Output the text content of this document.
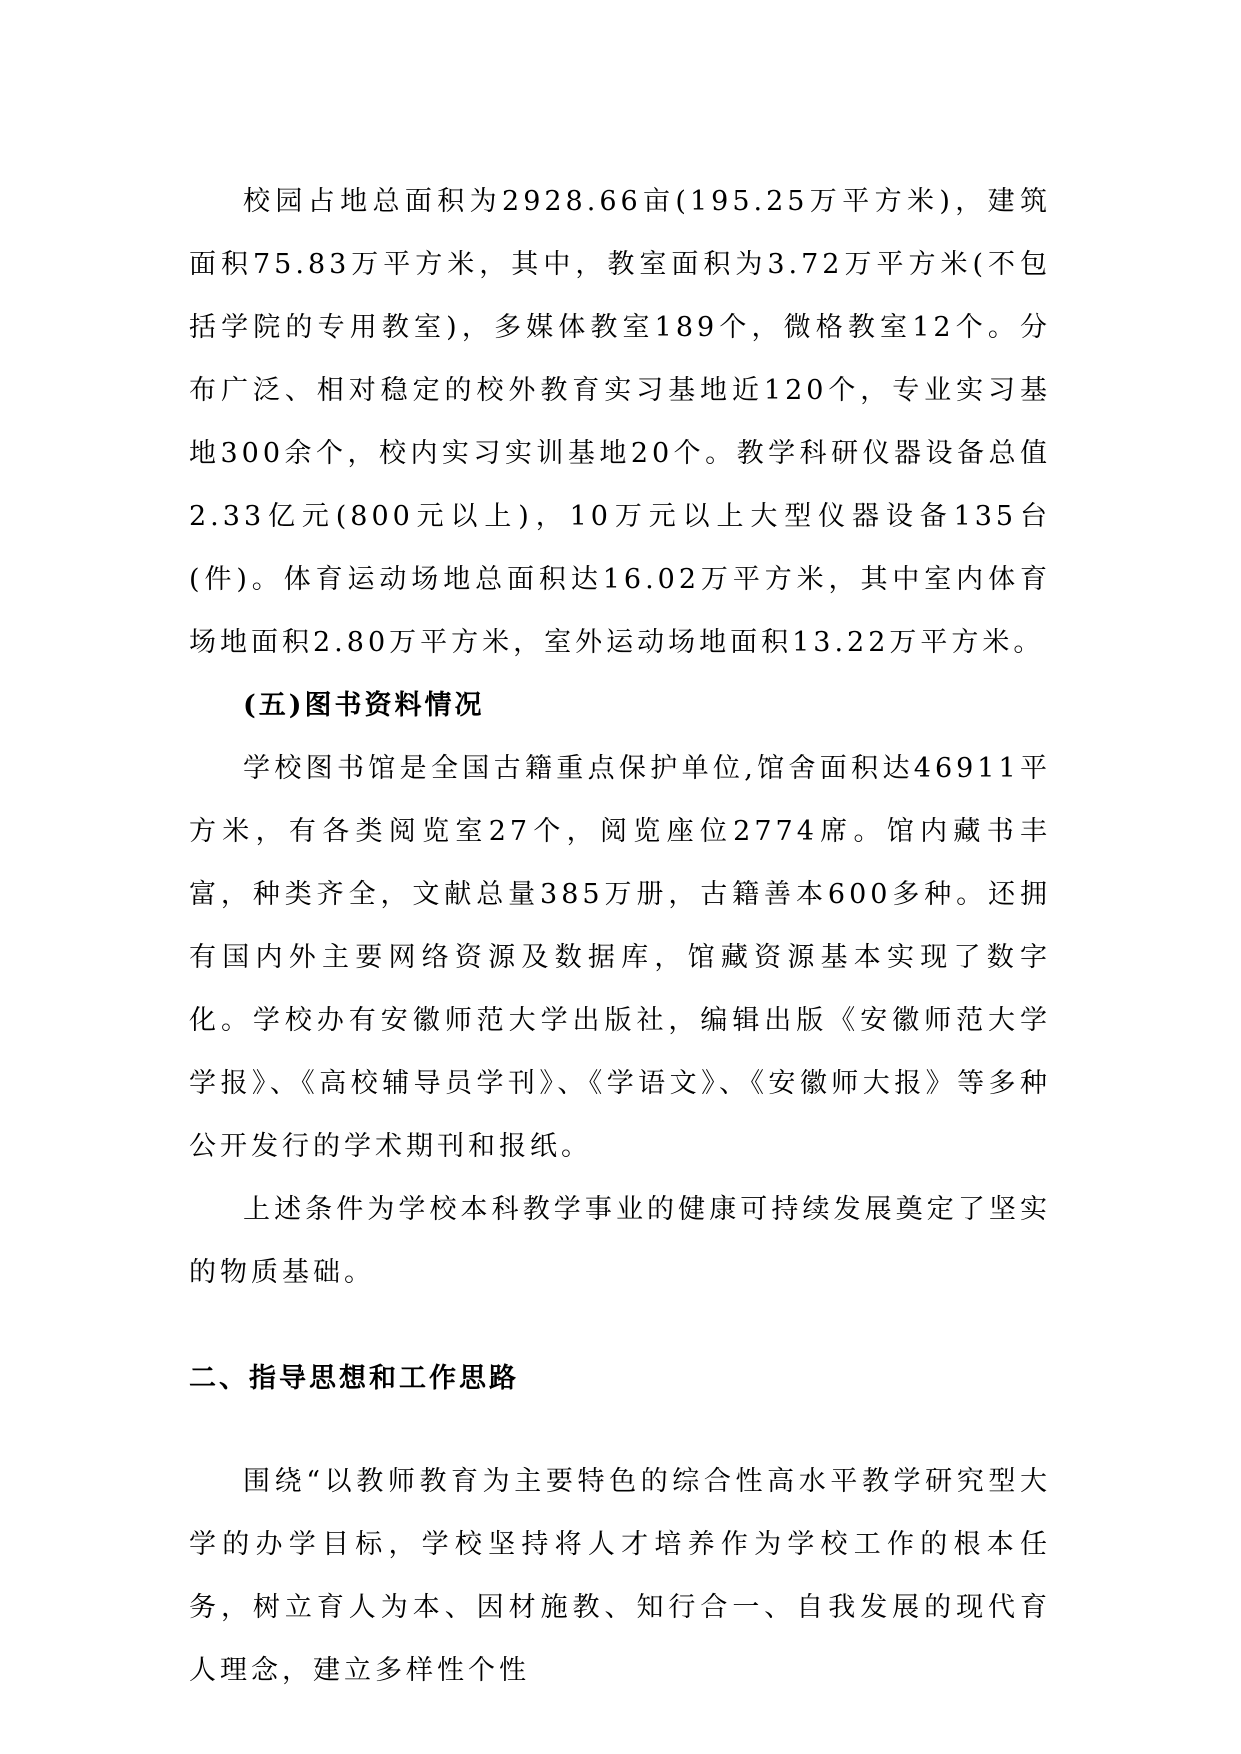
校园占地总面积为2928.66亩(195.25万平方米)，建筑面积75.83万平方米，其中，教室面积为3.72万平方米(不包括学院的专用教室)，多媒体教室189个，微格教室12个。分布广泛、相对稳定的校外教育实习基地近120个，专业实习基地300余个，校内实习实训基地20个。教学科研仪器设备总值2.33亿元(800元以上)，10万元以上大型仪器设备135台(件)。体育运动场地总面积达16.02万平方米，其中室内体育场地面积2.80万平方米，室外运动场地面积13.22万平方米。

(五)图书资料情况

学校图书馆是全国古籍重点保护单位,馆舍面积达46911平方米，有各类阅览室27个，阅览座位2774席。馆内藏书丰富，种类齐全，文献总量385万册，古籍善本600多种。还拥有国内外主要网络资源及数据库，馆藏资源基本实现了数字化。学校办有安徽师范大学出版社，编辑出版《安徽师范大学学报》、《高校辅导员学刊》、《学语文》、《安徽师大报》等多种公开发行的学术期刊和报纸。

上述条件为学校本科教学事业的健康可持续发展奠定了坚实的物质基础。

二、指导思想和工作思路

围绕“以教师教育为主要特色的综合性高水平教学研究型大学的办学目标，学校坚持将人才培养作为学校工作的根本任务，树立育人为本、因材施教、知行合一、自我发展的现代育人理念，建立多样性个性
